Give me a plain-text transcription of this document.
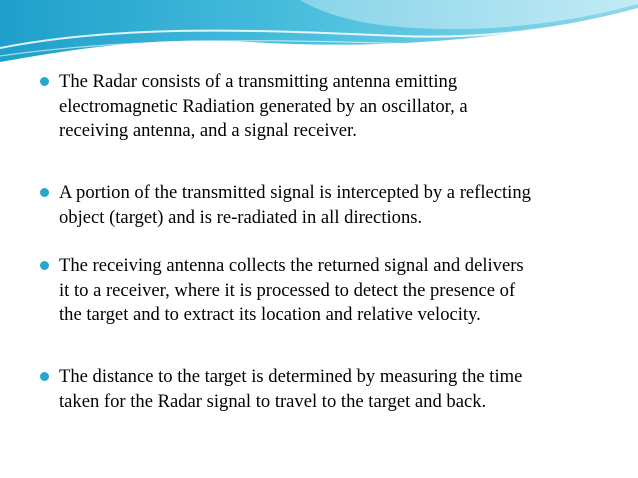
The Radar consists of a transmitting antenna emitting
electromagnetic Radiation generated by an oscillator, a
receiving antenna, and a signal receiver.
A portion of the transmitted signal is intercepted by a reflecting
object (target) and is re-radiated in all directions.
The receiving antenna collects the returned signal and delivers
it to a receiver, where it is processed to detect the presence of
the target and to extract its location and relative velocity.
The distance to the target is determined by measuring the time
taken for the Radar signal to travel to the target and back.
